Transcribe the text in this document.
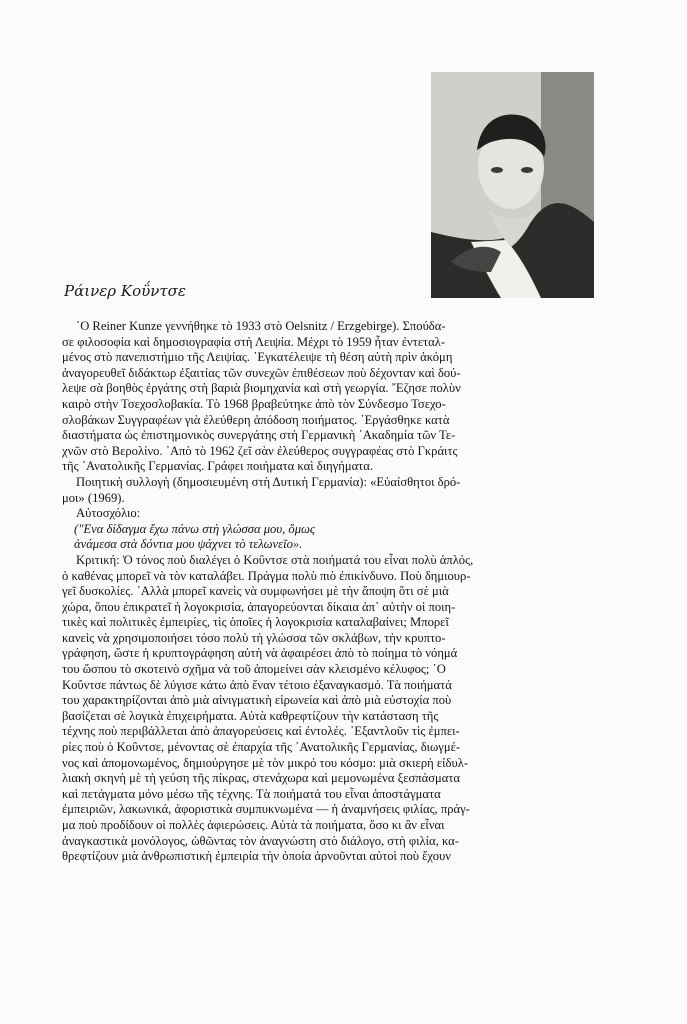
Ράινερ Κοΰντσε

῾Ο Reiner Kunze γεννήθηκε τὸ 1933 στὸ Oelsnitz / Erzgebirge). Σπούδα-
σε φιλοσοφία καὶ δημοσιογραφία στὴ Λειψία. Μέχρι τὸ 1959 ἦταν ἐντεταλ-
μένος στὸ πανεπιστήμιο τῆς Λειψίας. ᾿Εγκατέλειψε τὴ θέση αὐτὴ πρὶν ἀκόμη
ἀναγορευθεῖ διδάκτωρ ἐξαιτίας τῶν συνεχῶν ἐπιθέσεων ποὺ δέχονταν καὶ δού-
λεψε σὰ βοηθὸς ἐργάτης στὴ βαριὰ βιομηχανία καὶ στὴ γεωργία. ῎Εζησε πολὺν
καιρὸ στὴν Τσεχοσλοβακία. Τὸ 1968 βραβεύτηκε ἀπὸ τὸν Σύνδεσμο Τσεχο-
σλοβάκων Συγγραφέων γιὰ ἐλεύθερη ἀπόδοση ποιήματος. ᾿Εργάσθηκε κατὰ
διαστήματα ὡς ἐπιστημονικὸς συνεργάτης στὴ Γερμανικὴ ᾿Ακαδημία τῶν Τε-
χνῶν στὸ Βερολίνο. ᾿Απὸ τὸ 1962 ζεῖ σὰν ἐλεύθερος συγγραφέας στὸ Γκράιτς
τῆς ᾿Ανατολικῆς Γερμανίας. Γράφει ποιήματα καὶ διηγήματα.

Ποιητικὴ συλλογὴ (δημοσιευμένη στὴ Δυτικὴ Γερμανία): «Εὐαίσθητοι δρό-
μοι» (1969).

Αὐτοσχόλιο:
("Ενα δίδαγμα ἔχω πάνω στὴ γλώσσα μου, ὅμως
ἀνάμεσα στὰ δόντια μου ψάχνει τὸ τελωνεῖο».

Κριτική: Ὁ τόνος ποὺ διαλέγει ὁ Κοΰντσε στὰ ποιήματά του εἶναι πολὺ ἁπλός,
ὁ καθένας μπορεῖ νὰ τὸν καταλάβει. Πράγμα πολὺ πιὸ ἐπικίνδυνο. Ποὺ δημιουρ-
γεῖ δυσκολίες. ᾿Αλλὰ μπορεῖ κανεὶς νὰ συμφωνήσει μὲ τὴν ἄποψη ὅτι σὲ μιὰ
χώρα, ὅπου ἐπικρατεῖ ἡ λογοκρισία, ἀπαγορεύονται δίκαια ἀπ᾿ αὐτὴν οἱ ποιη-
τικὲς καὶ πολιτικὲς ἐμπειρίες, τὶς ὁποῖες ἡ λογοκρισία καταλαβαίνει; Μπορεῖ
κανεὶς νὰ χρησιμοποιήσει τόσο πολὺ τὴ γλώσσα τῶν σκλάβων, τὴν κρυπτο-
γράφηση, ὥστε ἡ κρυπτογράφηση αὐτὴ νὰ ἀφαιρέσει ἀπὸ τὸ ποίημα τὸ νόημά
του ὥσπου τὸ σκοτεινὸ σχῆμα νὰ τοῦ ἀπομείνει σὰν κλεισμένο κέλυφος; ῾Ο
Κοΰντσε πάντως δὲ λύγισε κάτω ἀπὸ ἕναν τέτοιο ἐξαναγκασμό. Τὰ ποιήματά
του χαρακτηρίζονται ἀπὸ μιὰ αἰνιγματικὴ εἰρωνεία καὶ ἀπὸ μιὰ εὐστοχία ποὺ
βασίζεται σὲ λογικὰ ἐπιχειρήματα. Αὐτὰ καθρεφτίζουν τὴν κατάσταση τῆς
τέχνης ποὺ περιβάλλεται ἀπὸ ἀπαγορεύσεις καὶ ἐντολές. ᾿Εξαντλοῦν τὶς ἐμπει-
ρίες ποὺ ὁ Κοΰντσε, μένοντας σὲ ἐπαρχία τῆς ᾿Ανατολικῆς Γερμανίας, διωγμέ-
νος καὶ ἀπομονωμένος, δημιούργησε μὲ τὸν μικρό του κόσμο: μιὰ σκιερὴ εἰδυλ-
λιακὴ σκηνὴ μὲ τὴ γεύση τῆς πίκρας, στενάχωρα καὶ μεμονωμένα ξεσπάσματα
καὶ πετάγματα μόνο μέσω τῆς τέχνης. Τὰ ποιήματά του εἶναι ἀποστάγματα
ἐμπειριῶν, λακωνικά, ἀφοριστικὰ συμπυκνωμένα — ἡ ἀναμνήσεις φιλίας, πράγ-
μα ποὺ προδίδουν οἱ πολλὲς ἀφιερώσεις. Αὐτὰ τὰ ποιήματα, ὅσο κι ἂν εἶναι
ἀναγκαστικὰ μονόλογος, ὠθῶντας τὸν ἀναγνώστη στὸ διάλογο, στὴ φιλία, κα-
θρεφτίζουν μιὰ ἀνθρωπιστικὴ ἐμπειρία τὴν ὁποία ἀρνοῦνται αὐτοὶ ποὺ ἔχουν
